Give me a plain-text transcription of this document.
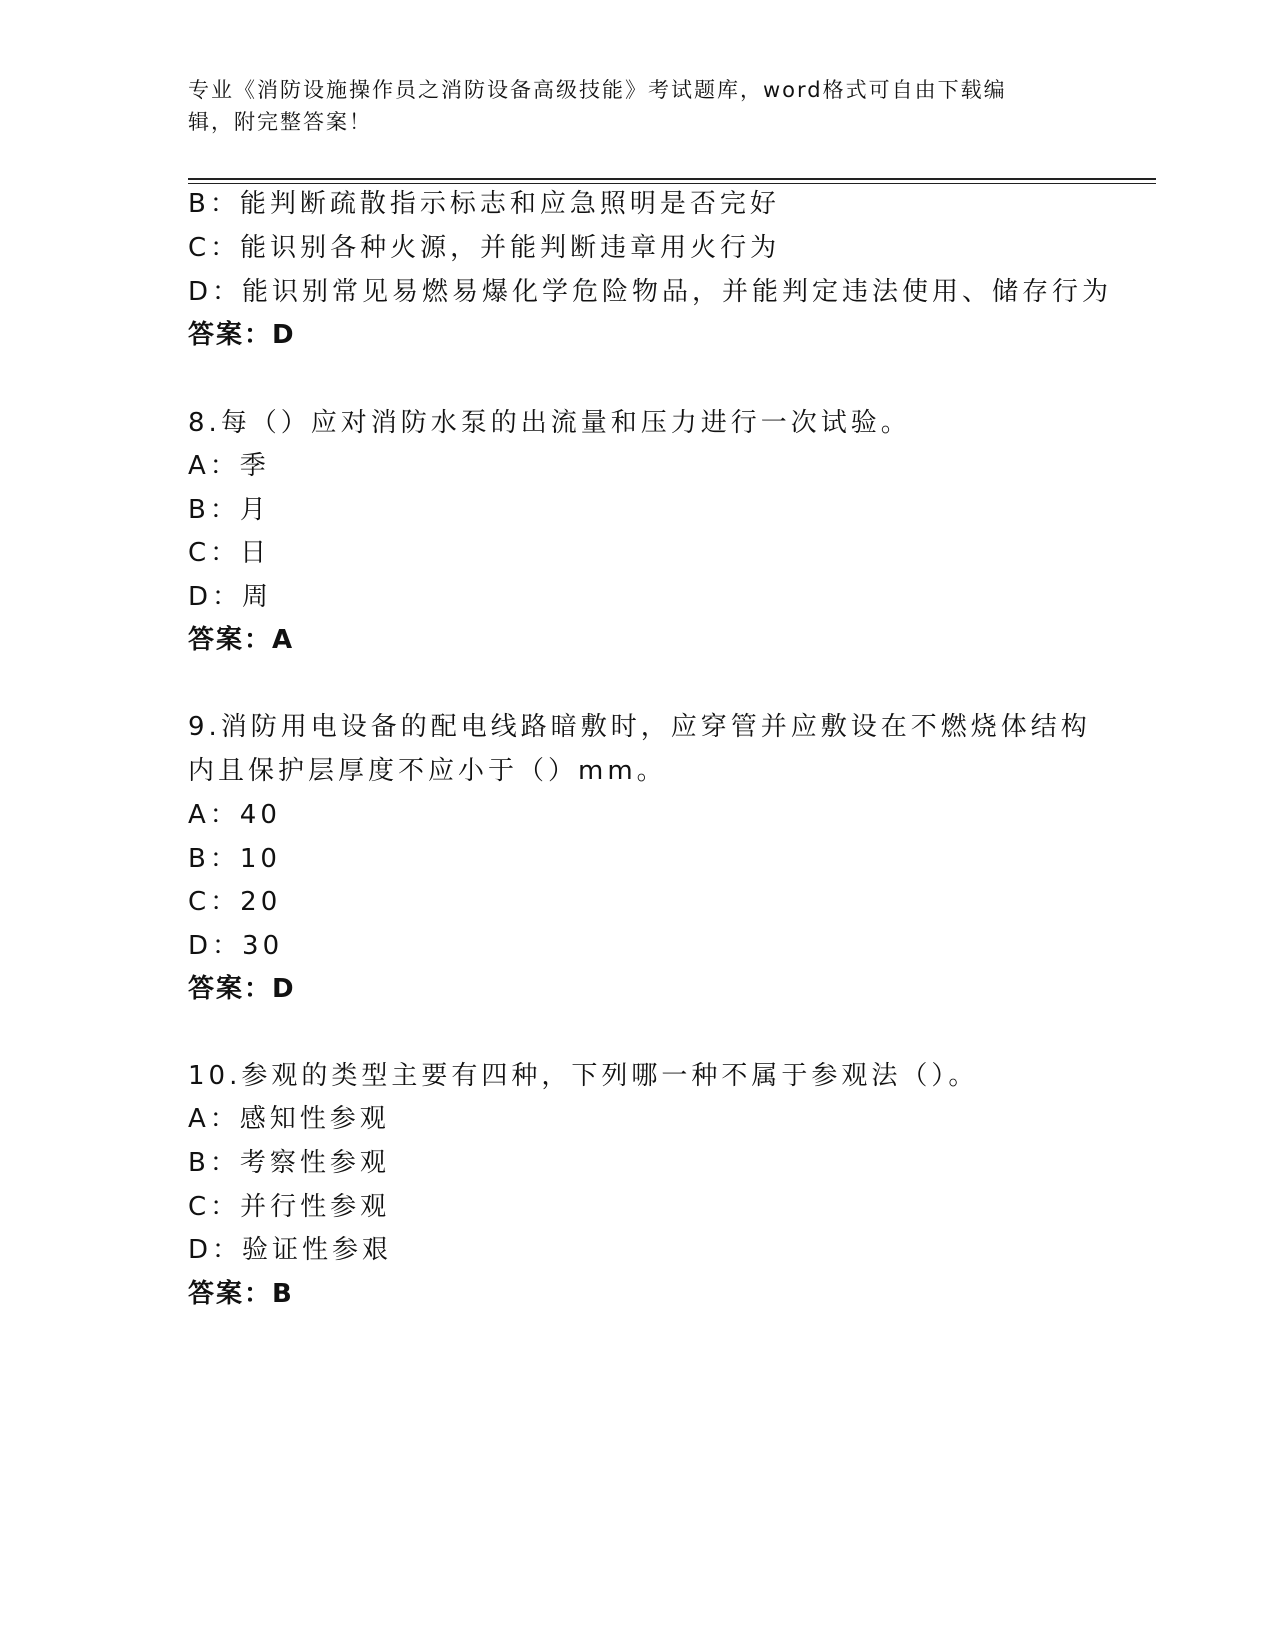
专业《消防设施操作员之消防设备高级技能》考试题库，word格式可自由下载编
辑，附完整答案！
B：能判断疏散指示标志和应急照明是否完好
C：能识别各种火源，并能判断违章用火行为
D：能识别常见易燃易爆化学危险物品，并能判定违法使用、储存行为
答案：D
8.每（）应对消防水泵的出流量和压力进行一次试验。
A：季
B：月
C：日
D：周
答案：A
9.消防用电设备的配电线路暗敷时，应穿管并应敷设在不燃烧体结构
内且保护层厚度不应小于（）mm。
A：40
B：10
C：20
D：30
答案：D
10.参观的类型主要有四种，下列哪一种不属于参观法（）。
A：感知性参观
B：考察性参观
C：并行性参观
D：验证性参艰
答案：B
